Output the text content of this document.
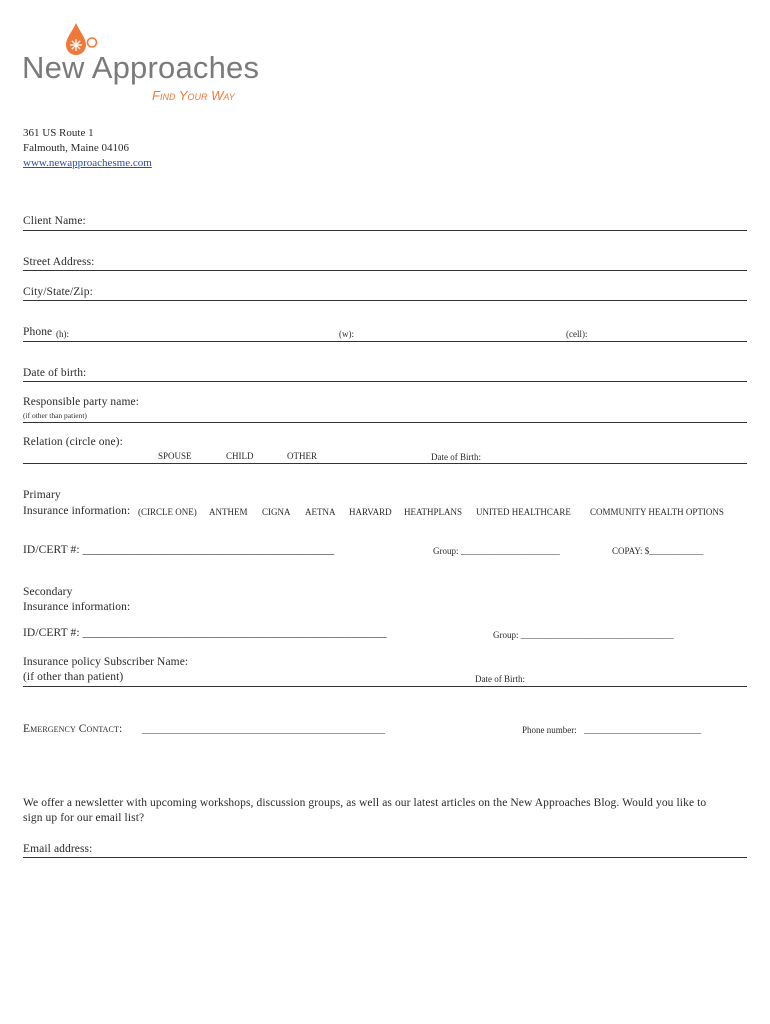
New Approaches
Find Your Way
361 US Route 1
Falmouth, Maine 04106
www.newapproachesme.com
Client Name:
Street Address:
City/State/Zip:
Phone (h):	(w):	(cell):
Date of birth:
Responsible party name:
(if other than patient)
Relation (circle one):
SPOUSE	CHILD	OTHER	Date of Birth:
Primary
Insurance information: (CIRCLE ONE) ANTHEM CIGNA AETNA HARVARD HEATHPLANS UNITED HEALTHCARE COMMUNITY HEALTH OPTIONS
ID/CERT #: ___________________________________________	Group: ______________________	COPAY: $____________
Secondary
Insurance information:
ID/CERT #: ____________________________________________________	Group: __________________________________
Insurance policy Subscriber Name:
(if other than patient)	Date of Birth:
Emergency Contact: ______________________________________________________	Phone number: __________________________
We offer a newsletter with upcoming workshops, discussion groups, as well as our latest articles on the New Approaches Blog. Would you like to
sign up for our email list?
Email address:
